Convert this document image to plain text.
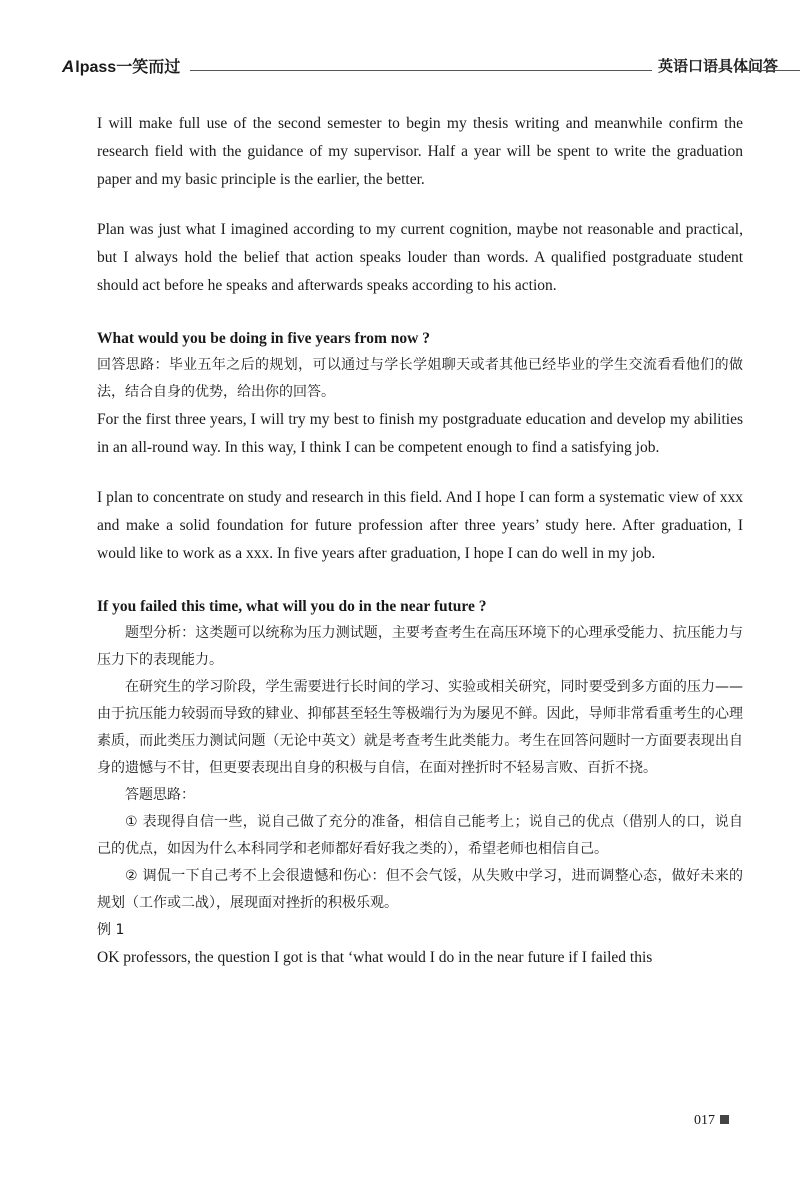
Alpass一笑而过	英语口语具体问答

I will make full use of the second semester to begin my thesis writing and meanwhile confirm the research field with the guidance of my supervisor. Half a year will be spent to write the graduation paper and my basic principle is the earlier, the better.

Plan was just what I imagined according to my current cognition, maybe not reasonable and practical, but I always hold the belief that action speaks louder than words. A qualified postgraduate student should act before he speaks and afterwards speaks according to his action.

What would you be doing in five years from now ?

回答思路：毕业五年之后的规划，可以通过与学长学姐聊天或者其他已经毕业的学生交流看看他们的做法，结合自身的优势，给出你的回答。

For the first three years, I will try my best to finish my postgraduate education and develop my abilities in an all-round way. In this way, I think I can be competent enough to find a satisfying job.

I plan to concentrate on study and research in this field. And I hope I can form a systematic view of xxx and make a solid foundation for future profession after three years’ study here. After graduation, I would like to work as a xxx. In five years after graduation, I hope I can do well in my job.

If you failed this time, what will you do in the near future ?

题型分析：这类题可以统称为压力测试题，主要考查考生在高压环境下的心理承受能力、抗压能力与压力下的表现能力。

在研究生的学习阶段，学生需要进行长时间的学习、实验或相关研究，同时要受到多方面的压力——由于抗压能力较弱而导致的肄业、抑郁甚至轻生等极端行为为屡见不鲜。因此，导师非常看重考生的心理素质，而此类压力测试问题（无论中英文）就是考查考生此类能力。考生在回答问题时一方面要表现出自身的遗憾与不甘，但更要表现出自身的积极与自信，在面对挫折时不轻易言败、百折不挠。

答题思路：

① 表现得自信一些，说自己做了充分的准备，相信自己能考上；说自己的优点（借别人的口，说自己的优点，如因为什么本科同学和老师都好看好我之类的），希望老师也相信自己。

② 调侃一下自己考不上会很遗憾和伤心：但不会气馁，从失败中学习，进而调整心态，做好未来的规划（工作或二战），展现面对挫折的积极乐观。

例 1

OK professors, the question I got is that ‘what would I do in the near future if I failed this

017
